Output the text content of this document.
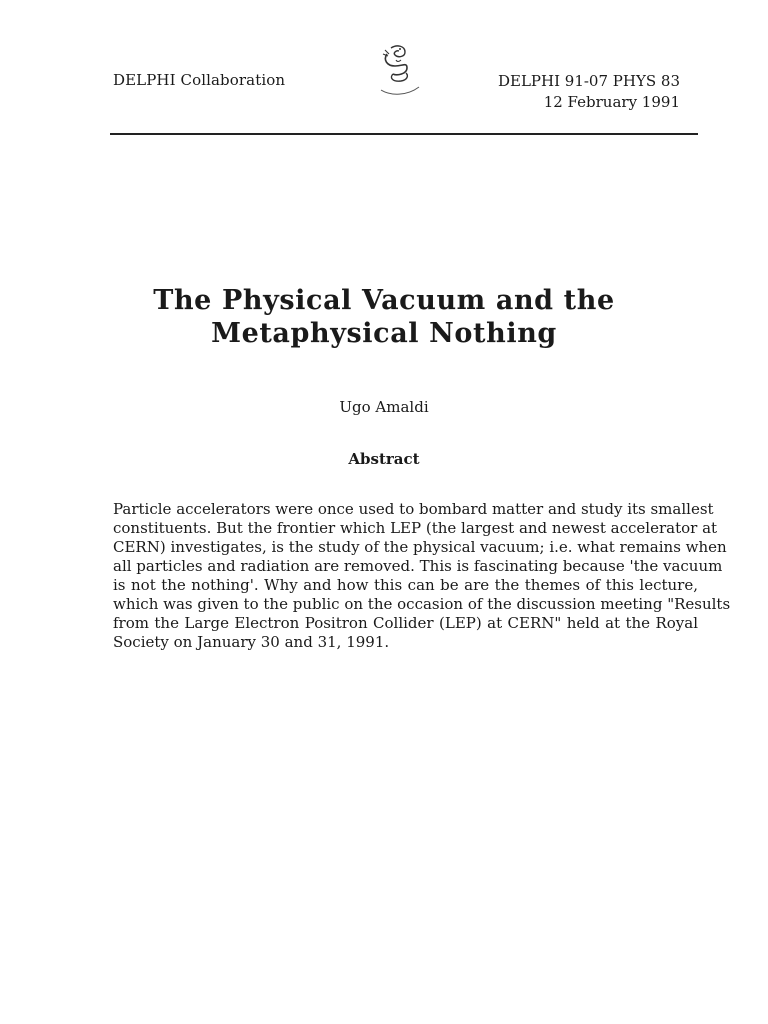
DELPHI Collaboration	DELPHI 91-07 PHYS 83
12 February 1991
The Physical Vacuum and the
Metaphysical Nothing
Ugo Amaldi
Abstract
Particle accelerators were once used to bombard matter and study its smallest
constituents. But the frontier which LEP (the largest and newest accelerator at
CERN) investigates, is the study of the physical vacuum; i.e. what remains when
all particles and radiation are removed. This is fascinating because 'the vacuum
is not the nothing'. Why and how this can be are the themes of this lecture,
which was given to the public on the occasion of the discussion meeting "Results
from the Large Electron Positron Collider (LEP) at CERN" held at the Royal
Society on January 30 and 31, 1991.
